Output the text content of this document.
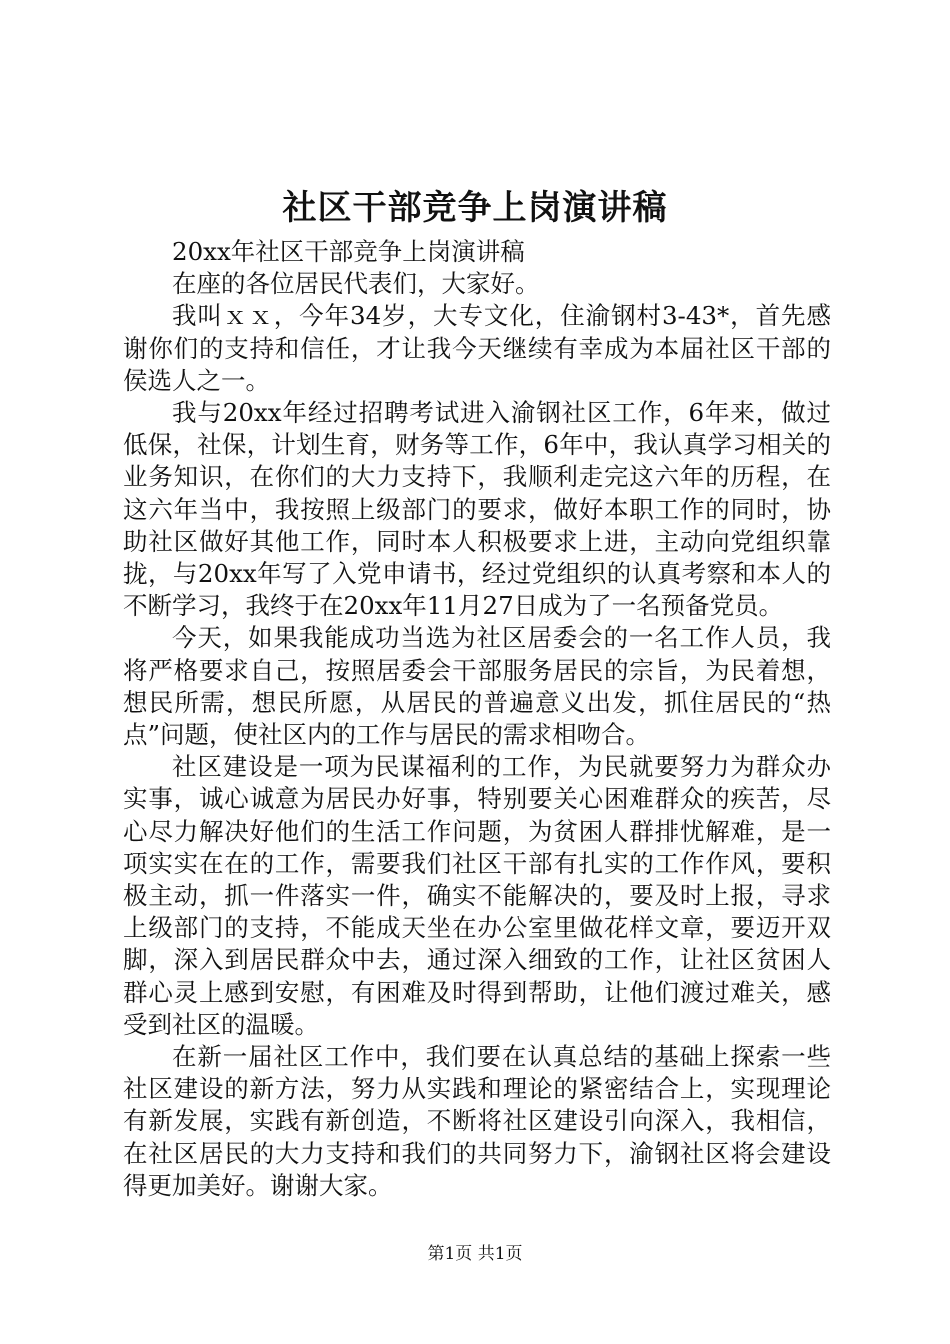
社区干部竞争上岗演讲稿

20xx年社区干部竞争上岗演讲稿

在座的各位居民代表们，大家好。

我叫ｘｘ，今年34岁，大专文化，住渝钢村3-43*，首先感谢你们的支持和信任，才让我今天继续有幸成为本届社区干部的侯选人之一。

我与20xx年经过招聘考试进入渝钢社区工作，6年来，做过低保，社保，计划生育，财务等工作，6年中，我认真学习相关的业务知识，在你们的大力支持下，我顺利走完这六年的历程，在这六年当中，我按照上级部门的要求，做好本职工作的同时，协助社区做好其他工作，同时本人积极要求上进，主动向党组织靠拢，与20xx年写了入党申请书，经过党组织的认真考察和本人的不断学习，我终于在20xx年11月27日成为了一名预备党员。

今天，如果我能成功当选为社区居委会的一名工作人员，我将严格要求自己，按照居委会干部服务居民的宗旨，为民着想，想民所需，想民所愿，从居民的普遍意义出发，抓住居民的“热点”问题，使社区内的工作与居民的需求相吻合。

社区建设是一项为民谋福利的工作，为民就要努力为群众办实事，诚心诚意为居民办好事，特别要关心困难群众的疾苦，尽心尽力解决好他们的生活工作问题，为贫困人群排忧解难，是一项实实在在的工作，需要我们社区干部有扎实的工作作风，要积极主动，抓一件落实一件，确实不能解决的，要及时上报，寻求上级部门的支持，不能成天坐在办公室里做花样文章，要迈开双脚，深入到居民群众中去，通过深入细致的工作，让社区贫困人群心灵上感到安慰，有困难及时得到帮助，让他们渡过难关，感受到社区的温暖。

在新一届社区工作中，我们要在认真总结的基础上探索一些社区建设的新方法，努力从实践和理论的紧密结合上，实现理论有新发展，实践有新创造，不断将社区建设引向深入，我相信，在社区居民的大力支持和我们的共同努力下，渝钢社区将会建设得更加美好。谢谢大家。

第1页 共1页
